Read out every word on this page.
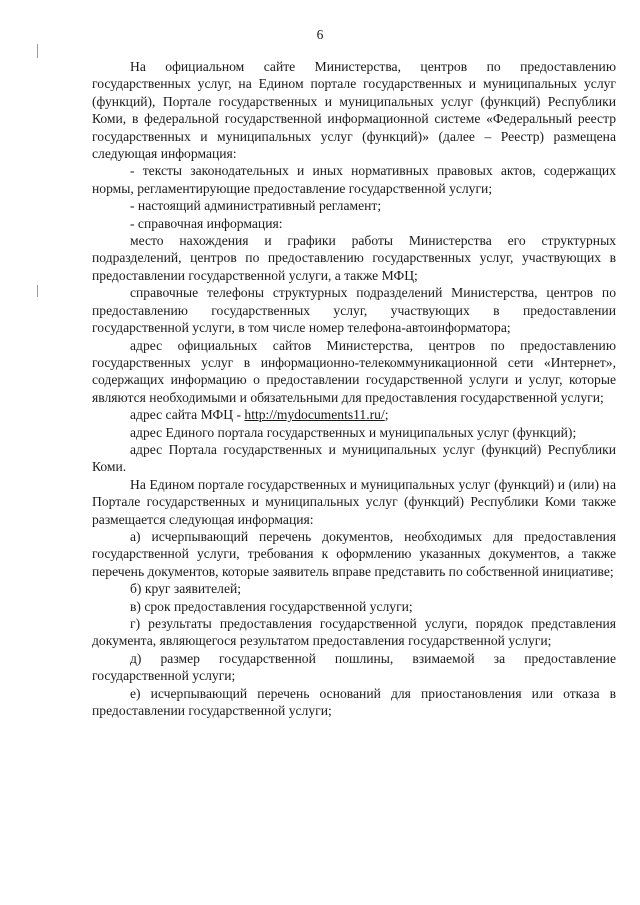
6

На официальном сайте Министерства, центров по предоставлению государственных услуг, на Едином портале государственных и муниципальных услуг (функций), Портале государственных и муниципальных услуг (функций) Республики Коми, в федеральной государственной информационной системе «Федеральный реестр государственных и муниципальных услуг (функций)» (далее – Реестр) размещена следующая информация:

- тексты законодательных и иных нормативных правовых актов, содержащих нормы, регламентирующие предоставление государственной услуги;

- настоящий административный регламент;

- справочная информация:

место нахождения и графики работы Министерства его структурных подразделений, центров по предоставлению государственных услуг, участвующих в предоставлении государственной услуги, а также МФЦ;

справочные телефоны структурных подразделений Министерства, центров по предоставлению государственных услуг, участвующих в предоставлении государственной услуги, в том числе номер телефона-автоинформатора;

адрес официальных сайтов Министерства, центров по предоставлению государственных услуг в информационно-телекоммуникационной сети «Интернет», содержащих информацию о предоставлении государственной услуги и услуг, которые являются необходимыми и обязательными для предоставления государственной услуги;

адрес сайта МФЦ - http://mydocuments11.ru/;

адрес Единого портала государственных и муниципальных услуг (функций);

адрес Портала государственных и муниципальных услуг (функций) Республики Коми.

На Едином портале государственных и муниципальных услуг (функций) и (или) на Портале государственных и муниципальных услуг (функций) Республики Коми также размещается следующая информация:

а) исчерпывающий перечень документов, необходимых для предоставления государственной услуги, требования к оформлению указанных документов, а также перечень документов, которые заявитель вправе представить по собственной инициативе;

б) круг заявителей;

в) срок предоставления государственной услуги;

г) результаты предоставления государственной услуги, порядок представления документа, являющегося результатом предоставления государственной услуги;

д) размер государственной пошлины, взимаемой за предоставление государственной услуги;

е) исчерпывающий перечень оснований для приостановления или отказа в предоставлении государственной услуги;
